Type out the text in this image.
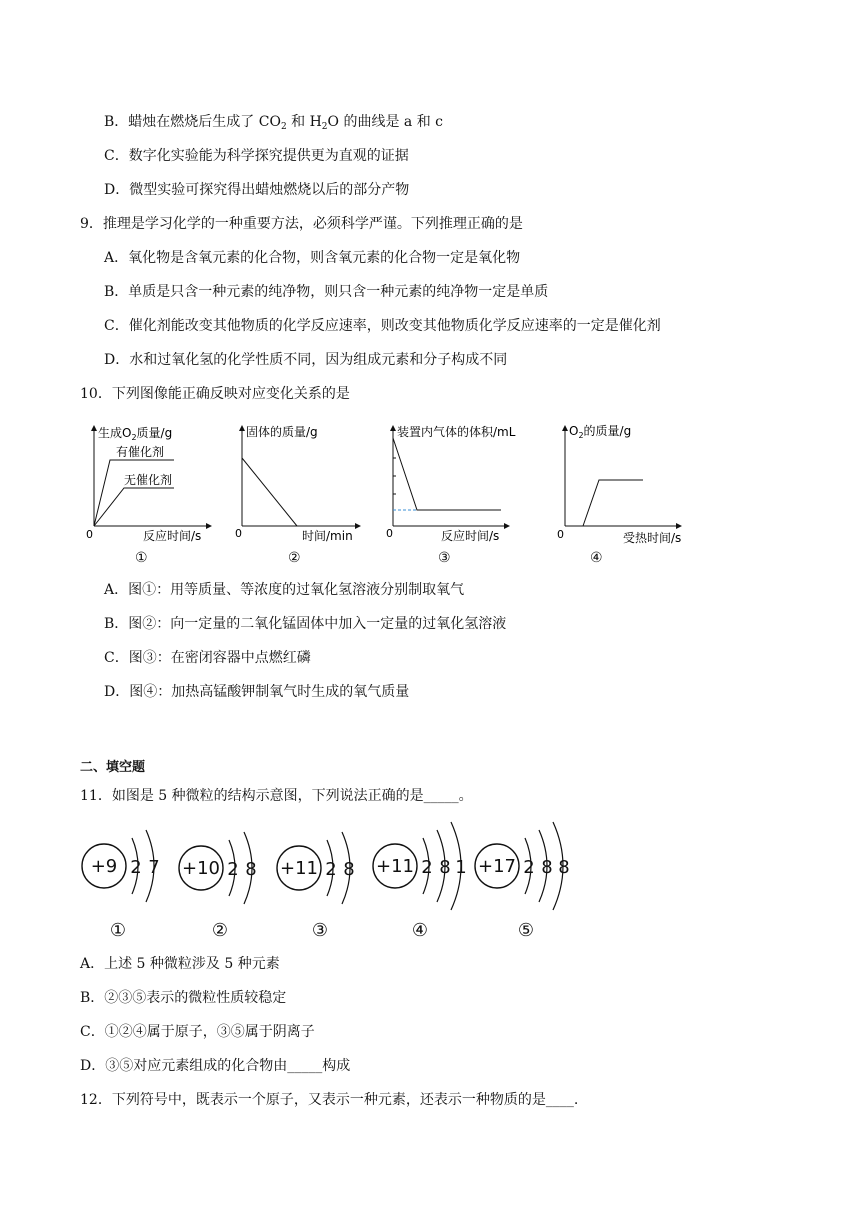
B．蜡烛在燃烧后生成了 $CO_2$ 和 $H_2O$ 的曲线是 a 和 c
C．数字化实验能为科学探究提供更为直观的证据
D．微型实验可探究得出蜡烛燃烧以后的部分产物
9．推理是学习化学的一种重要方法，必须科学严谨。下列推理正确的是
A．氧化物是含氧元素的化合物，则含氧元素的化合物一定是氧化物
B．单质是只含一种元素的纯净物，则只含一种元素的纯净物一定是单质
C．催化剂能改变其他物质的化学反应速率，则改变其他物质化学反应速率的一定是催化剂
D．水和过氧化氢的化学性质不同，因为组成元素和分子构成不同
10．下列图像能正确反映对应变化关系的是
生成$O_2$质量/g
有催化剂
无催化剂
0	反应时间/s
①
固体的质量/g
0	时间/min
②
装置内气体的体积/mL
0	反应时间/s
③
$O_2$的质量/g
0	受热时间/s
④
A．图①：用等质量、等浓度的过氧化氢溶液分别制取氧气
B．图②：向一定量的二氧化锰固体中加入一定量的过氧化氢溶液
C．图③：在密闭容器中点燃红磷
D．图④：加热高锰酸钾制氧气时生成的氧气质量
二、填空题
11．如图是 5 种微粒的结构示意图，下列说法正确的是_____。
+9 2 7
①
+10 2 8
②
+11 2 8
③
+11 2 8 1
④
+17 2 8 8
⑤
A．上述 5 种微粒涉及 5 种元素
B．②③⑤表示的微粒性质较稳定
C．①②④属于原子，③⑤属于阴离子
D．③⑤对应元素组成的化合物由_____构成
12．下列符号中，既表示一个原子，又表示一种元素，还表示一种物质的是____.
